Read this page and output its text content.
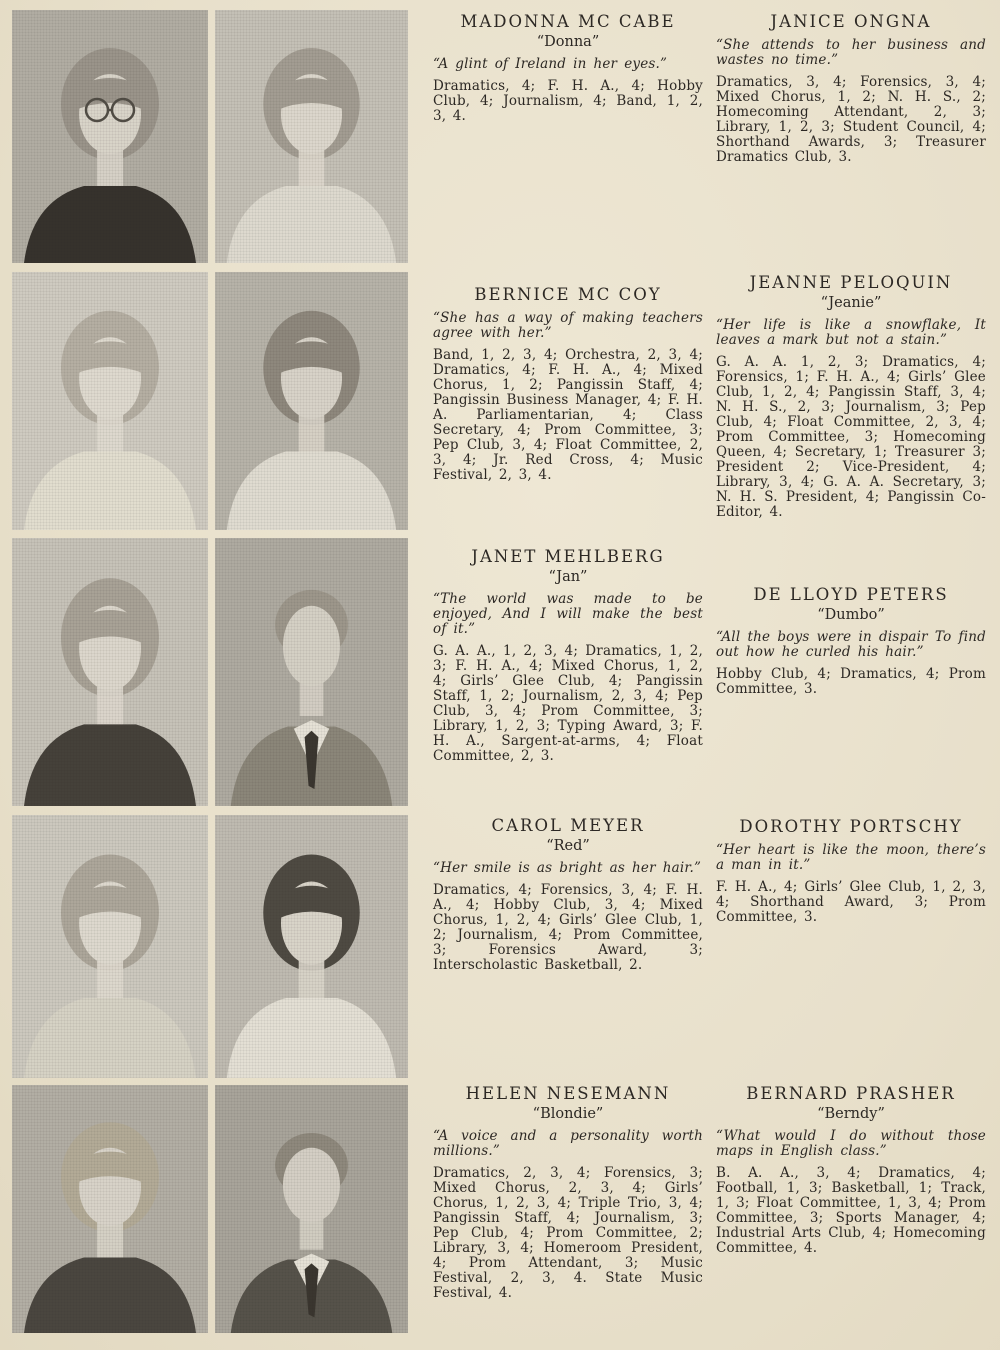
MADONNA MC CABE
“Donna”

“A glint of Ireland in her eyes.”

Dramatics, 4; F. H. A., 4; Hobby Club, 4; Journalism, 4; Band, 1, 2, 3, 4.

JANICE ONGNA

“She attends to her business and wastes no time.”

Dramatics, 3, 4; Forensics, 3, 4; Mixed Chorus, 1, 2; N. H. S., 2; Homecoming Attendant, 2, 3; Library, 1, 2, 3; Student Council, 4; Shorthand Awards, 3; Treasurer Dramatics Club, 3.

BERNICE MC COY

“She has a way of making teachers agree with her.”

Band, 1, 2, 3, 4; Orchestra, 2, 3, 4; Dramatics, 4; F. H. A., 4; Mixed Chorus, 1, 2; Pangissin Staff, 4; Pangissin Business Manager, 4; F. H. A. Parliamentarian, 4; Class Secretary, 4; Prom Committee, 3; Pep Club, 3, 4; Float Committee, 2, 3, 4; Jr. Red Cross, 4; Music Festival, 2, 3, 4.

JEANNE PELOQUIN
“Jeanie”

“Her life is like a snowflake, It leaves a mark but not a stain.”

G. A. A. 1, 2, 3; Dramatics, 4; Forensics, 1; F. H. A., 4; Girls’ Glee Club, 1, 2, 4; Pangissin Staff, 3, 4; N. H. S., 2, 3; Journalism, 3; Pep Club, 4; Float Committee, 2, 3, 4; Prom Committee, 3; Homecoming Queen, 4; Secretary, 1; Treasurer 3; President 2; Vice-President, 4; Library, 3, 4; G. A. A. Secretary, 3; N. H. S. President, 4; Pangissin Co-Editor, 4.

JANET MEHLBERG
“Jan”

“The world was made to be enjoyed, And I will make the best of it.”

G. A. A., 1, 2, 3, 4; Dramatics, 1, 2, 3; F. H. A., 4; Mixed Chorus, 1, 2, 4; Girls’ Glee Club, 4; Pangissin Staff, 1, 2; Journalism, 2, 3, 4; Pep Club, 3, 4; Prom Committee, 3; Library, 1, 2, 3; Typing Award, 3; F. H. A., Sargent-at-arms, 4; Float Committee, 2, 3.

DE LLOYD PETERS
“Dumbo”

“All the boys were in dispair To find out how he curled his hair.”

Hobby Club, 4; Dramatics, 4; Prom Committee, 3.

CAROL MEYER
“Red”

“Her smile is as bright as her hair.”

Dramatics, 4; Forensics, 3, 4; F. H. A., 4; Hobby Club, 3, 4; Mixed Chorus, 1, 2, 4; Girls’ Glee Club, 1, 2; Journalism, 4; Prom Committee, 3; Forensics Award, 3; Interscholastic Basketball, 2.

DOROTHY PORTSCHY

“Her heart is like the moon, there’s a man in it.”

F. H. A., 4; Girls’ Glee Club, 1, 2, 3, 4; Shorthand Award, 3; Prom Committee, 3.

HELEN NESEMANN
“Blondie”

“A voice and a personality worth millions.”

Dramatics, 2, 3, 4; Forensics, 3; Mixed Chorus, 2, 3, 4; Girls’ Chorus, 1, 2, 3, 4; Triple Trio, 3, 4; Pangissin Staff, 4; Journalism, 3; Pep Club, 4; Prom Committee, 2; Library, 3, 4; Homeroom President, 4; Prom Attendant, 3; Music Festival, 2, 3, 4. State Music Festival, 4.

BERNARD PRASHER
“Berndy”

“What would I do without those maps in English class.”

B. A. A., 3, 4; Dramatics, 4; Football, 1, 3; Basketball, 1; Track, 1, 3; Float Committee, 1, 3, 4; Prom Committee, 3; Sports Manager, 4; Industrial Arts Club, 4; Homecoming Committee, 4.
